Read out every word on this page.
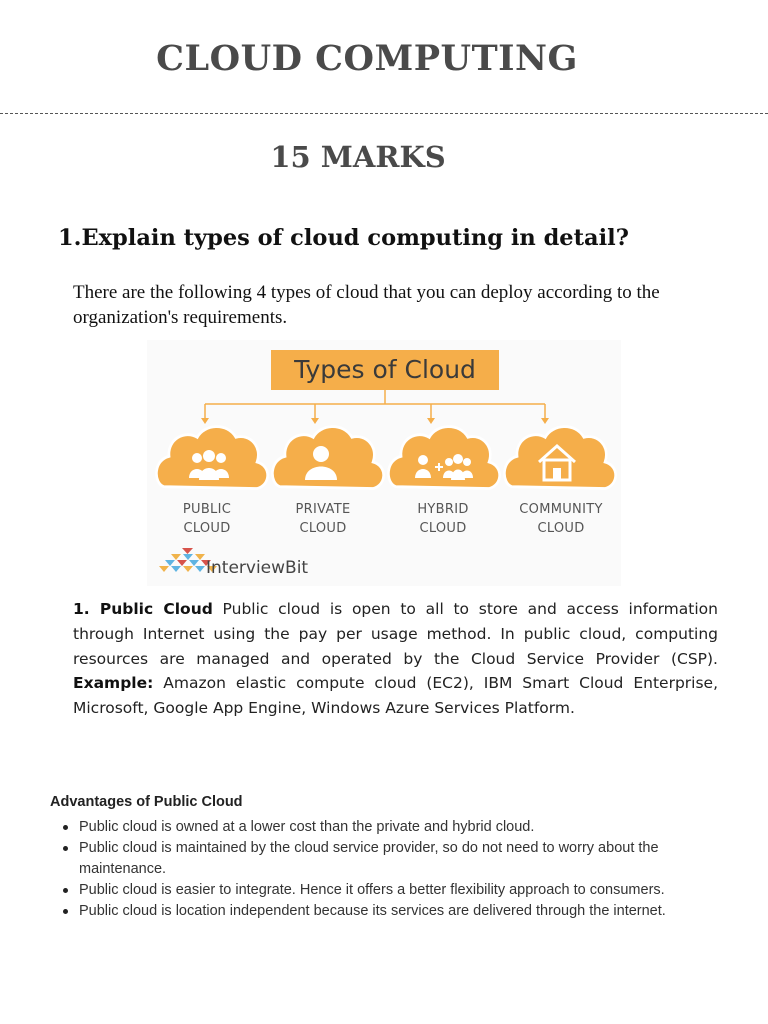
CLOUD COMPUTING
15 MARKS
1.Explain types of cloud computing in detail?
There are the following 4 types of cloud that you can deploy according to the organization's requirements.
Types of Cloud
PUBLIC
CLOUD
PRIVATE
CLOUD
HYBRID
CLOUD
COMMUNITY
CLOUD
InterviewBit
1. Public Cloud Public cloud is open to all to store and access information through Internet using the pay per usage method. In public cloud, computing resources are managed and operated by the Cloud Service Provider (CSP). Example: Amazon elastic compute cloud (EC2), IBM Smart Cloud Enterprise, Microsoft, Google App Engine, Windows Azure Services Platform.
Advantages of Public Cloud
Public cloud is owned at a lower cost than the private and hybrid cloud.
Public cloud is maintained by the cloud service provider, so do not need to worry about the maintenance.
Public cloud is easier to integrate. Hence it offers a better flexibility approach to consumers.
Public cloud is location independent because its services are delivered through the internet.
